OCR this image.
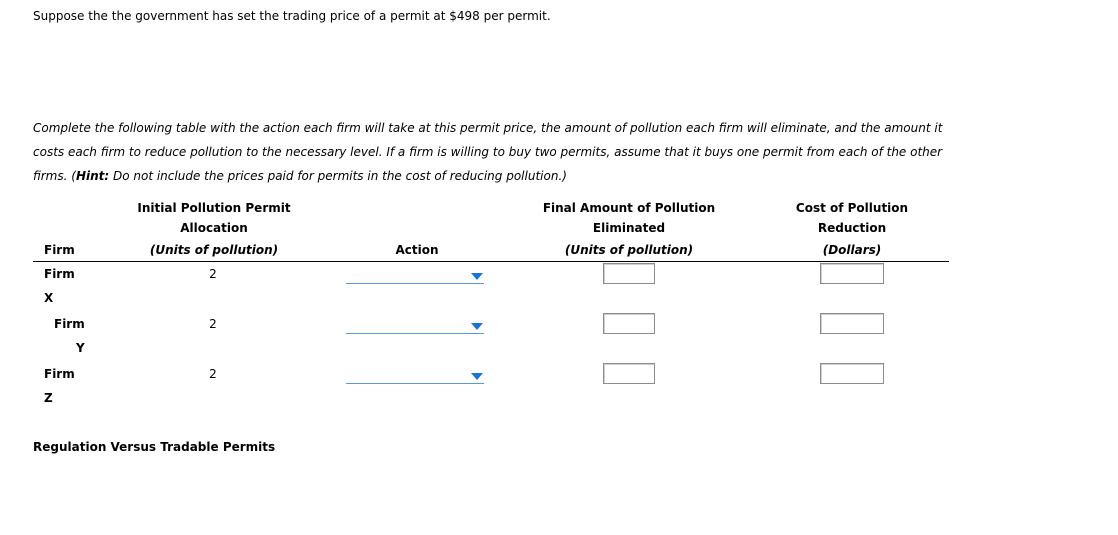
Suppose the the government has set the trading price of a permit at $498 per permit.
Complete the following table with the action each firm will take at this permit price, the amount of pollution each firm will eliminate, and the amount it costs each firm to reduce pollution to the necessary level. If a firm is willing to buy two permits, assume that it buys one permit from each of the other firms. (Hint: Do not include the prices paid for permits in the cost of reducing pollution.)
Firm
Initial Pollution Permit
Allocation
(Units of pollution)	Action
Final Amount of Pollution
Eliminated
(Units of pollution)
Cost of Pollution
Reduction
(Dollars)
Firm
X
2
Firm
Y
2
Firm
Z
2
Regulation Versus Tradable Permits
